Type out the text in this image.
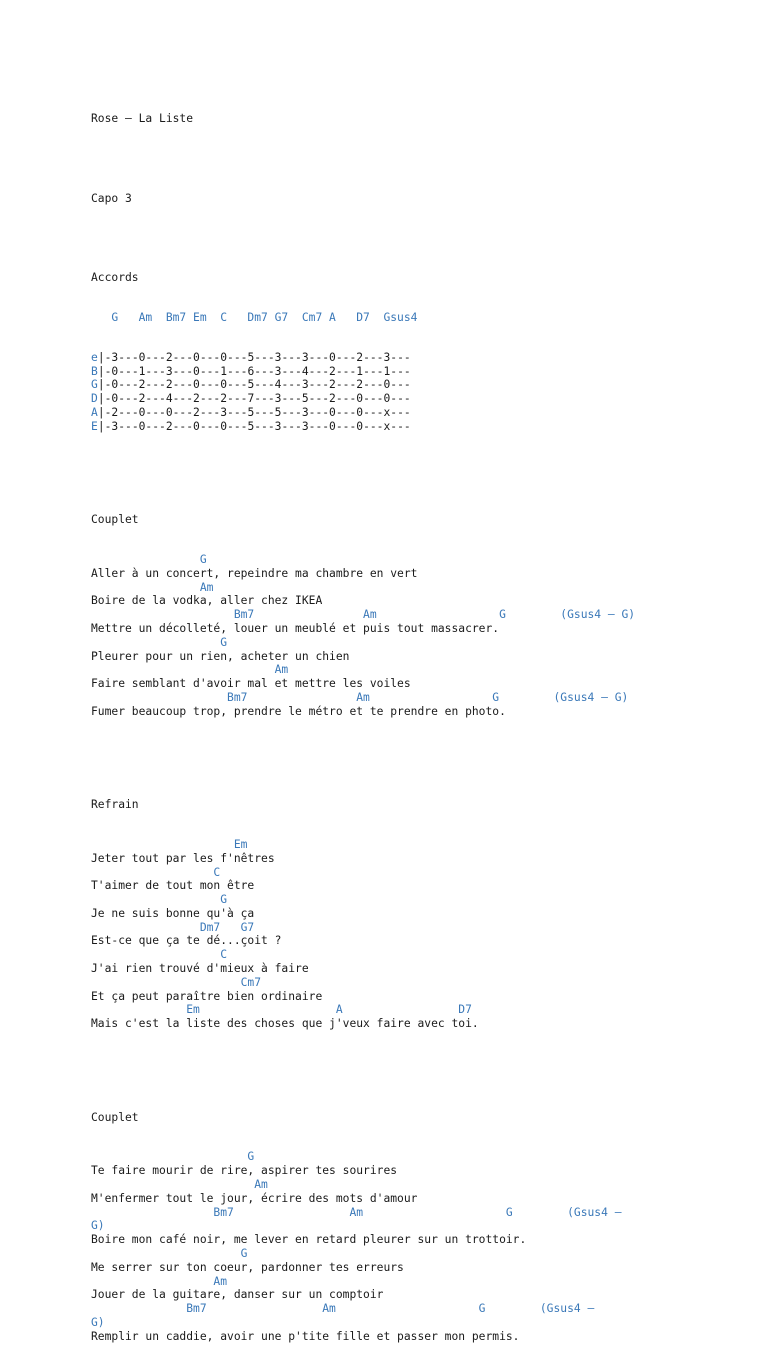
Rose – La Liste

Capo 3

Accords

G   Am  Bm7 Em  C   Dm7 G7  Cm7 A   D7  Gsus4

e|-3---0---2---0---0---5---3---3---0---2---3---
B|-0---1---3---0---1---6---3---4---2---1---1---
G|-0---2---2---0---0---5---4---3---2---2---0---
D|-0---2---4---2---2---7---3---5---2---0---0---
A|-2---0---0---2---3---5---5---3---0---0---x---
E|-3---0---2---0---0---5---3---3---0---0---x---

Couplet

G
Aller à un concert, repeindre ma chambre en vert
Am
Boire de la vodka, aller chez IKEA
Bm7                Am                  G        (Gsus4 – G)
Mettre un décolleté, louer un meublé et puis tout massacrer.
G
Pleurer pour un rien, acheter un chien
Am
Faire semblant d'avoir mal et mettre les voiles
Bm7                Am                  G        (Gsus4 – G)
Fumer beaucoup trop, prendre le métro et te prendre en photo.

Refrain

Em
Jeter tout par les f'nêtres
C
T'aimer de tout mon être
G
Je ne suis bonne qu'à ça
Dm7   G7
Est-ce que ça te dé...çoit ?
C
J'ai rien trouvé d'mieux à faire
Cm7
Et ça peut paraître bien ordinaire
Em                    A                 D7
Mais c'est la liste des choses que j'veux faire avec toi.

Couplet

G
Te faire mourir de rire, aspirer tes sourires
Am
M'enfermer tout le jour, écrire des mots d'amour
Bm7                 Am                     G        (Gsus4 –
G)
Boire mon café noir, me lever en retard pleurer sur un trottoir.
G
Me serrer sur ton coeur, pardonner tes erreurs
Am
Jouer de la guitare, danser sur un comptoir
Bm7                 Am                     G        (Gsus4 –
G)
Remplir un caddie, avoir une p'tite fille et passer mon permis.
